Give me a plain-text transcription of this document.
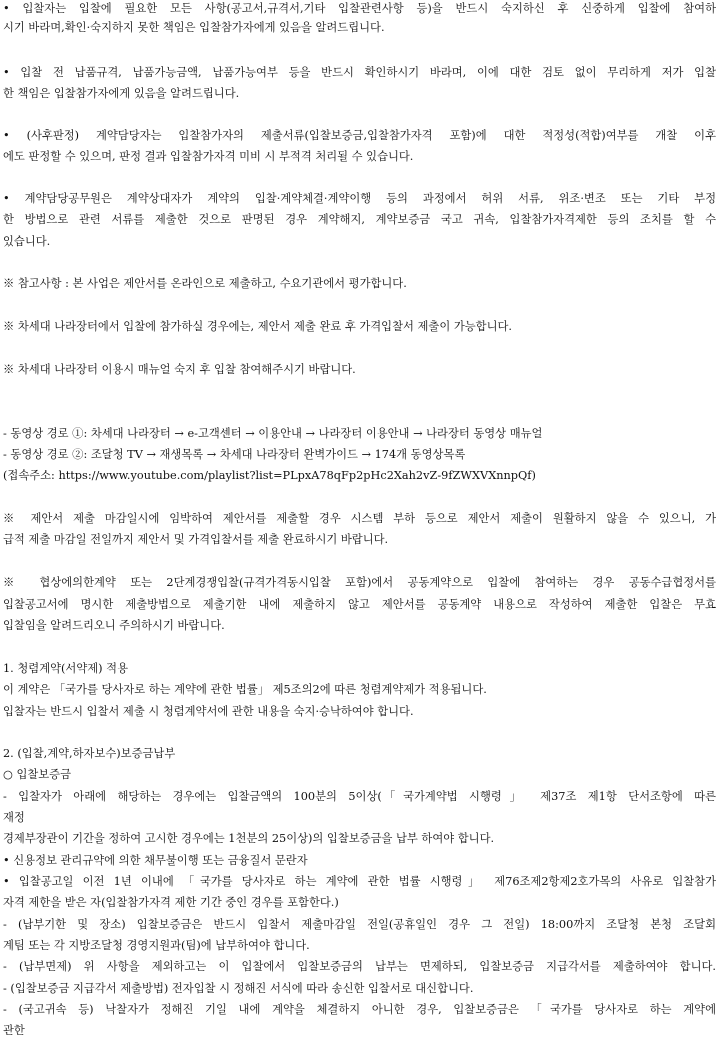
• 입찰자는 입찰에 필요한 모든 사항(공고서,규격서,기타 입찰관련사항 등)을 반드시 숙지하신 후 신중하게 입찰에 참여하
시기 바라며,확인·숙지하지 못한 책임은 입찰참가자에게 있음을 알려드립니다.
• 입찰 전 납품규격, 납품가능금액, 납품가능여부 등을 반드시 확인하시기 바라며, 이에 대한 검토 없이 무리하게 저가 입찰
한 책임은 입찰참가자에게 있음을 알려드립니다.
• (사후판정) 계약담당자는 입찰참가자의 제출서류(입찰보증금,입찰참가자격 포함)에 대한 적정성(적합)여부를 개찰 이후
에도 판정할 수 있으며, 판정 결과 입찰참가자격 미비 시 부적격 처리될 수 있습니다.
• 계약담당공무원은 계약상대자가 계약의 입찰·계약체결·계약이행 등의 과정에서 허위 서류, 위조·변조 또는 기타 부정
한 방법으로 관련 서류를 제출한 것으로 판명된 경우 계약해지, 계약보증금 국고 귀속, 입찰참가자격제한 등의 조치를 할 수
있습니다.
※ 참고사항 : 본 사업은 제안서를 온라인으로 제출하고, 수요기관에서 평가합니다.
※ 차세대 나라장터에서 입찰에 참가하실 경우에는, 제안서 제출 완료 후 가격입찰서 제출이 가능합니다.
※ 차세대 나라장터 이용시 매뉴얼 숙지 후 입찰 참여해주시기 바랍니다.
- 동영상 경로 ①: 차세대 나라장터 → e-고객센터 → 이용안내 → 나라장터 이용안내 → 나라장터 동영상 매뉴얼
- 동영상 경로 ②: 조달청 TV → 재생목록 → 차세대 나라장터 완벽가이드 → 174개 동영상목록
(접속주소: https://www.youtube.com/playlist?list=PLpxA78qFp2pHc2Xah2vZ-9fZWXVXnnpQf)
※ 제안서 제출 마감일시에 임박하여 제안서를 제출할 경우 시스템 부하 등으로 제안서 제출이 원활하지 않을 수 있으니, 가
급적 제출 마감일 전일까지 제안서 및 가격입찰서를 제출 완료하시기 바랍니다.
※ 협상에의한계약 또는 2단계경쟁입찰(규격가격동시입찰 포함)에서 공동계약으로 입찰에 참여하는 경우 공동수급협정서를
입찰공고서에 명시한 제출방법으로 제출기한 내에 제출하지 않고 제안서를 공동계약 내용으로 작성하여 제출한 입찰은 무효
입찰임을 알려드리오니 주의하시기 바랍니다.
1. 청렴계약(서약제) 적용
이 계약은 「국가를 당사자로 하는 계약에 관한 법률」 제5조의2에 따른 청렴계약제가 적용됩니다.
입찰자는 반드시 입찰서 제출 시 청렴계약서에 관한 내용을 숙지·승낙하여야 합니다.
2. (입찰,계약,하자보수)보증금납부
○ 입찰보증금
- 입찰자가 아래에 해당하는 경우에는 입찰금액의 100분의 5이상(「국가계약법 시행령」 제37조 제1항 단서조항에 따른
재정
경제부장관이 기간을 정하여 고시한 경우에는 1천분의 25이상)의 입찰보증금을 납부 하여야 합니다.
• 신용정보 관리규약에 의한 채무불이행 또는 금융질서 문란자
• 입찰공고일 이전 1년 이내에 「국가를 당사자로 하는 계약에 관한 법률 시행령」 제76조제2항제2호가목의 사유로 입찰참가
자격 제한을 받은 자(입찰참가자격 제한 기간 중인 경우를 포함한다.)
- (납부기한 및 장소) 입찰보증금은 반드시 입찰서 제출마감일 전일(공휴일인 경우 그 전일) 18:00까지 조달청 본청 조달회
계팀 또는 각 지방조달청 경영지원과(팀)에 납부하여야 합니다.
- (납부면제) 위 사항을 제외하고는 이 입찰에서 입찰보증금의 납부는 면제하되, 입찰보증금 지급각서를 제출하여야 합니다.
- (입찰보증금 지급각서 제출방법) 전자입찰 시 정해진 서식에 따라 송신한 입찰서로 대신합니다.
- (국고귀속 등) 낙찰자가 정해진 기일 내에 계약을 체결하지 아니한 경우, 입찰보증금은 「국가를 당사자로 하는 계약에
관한
